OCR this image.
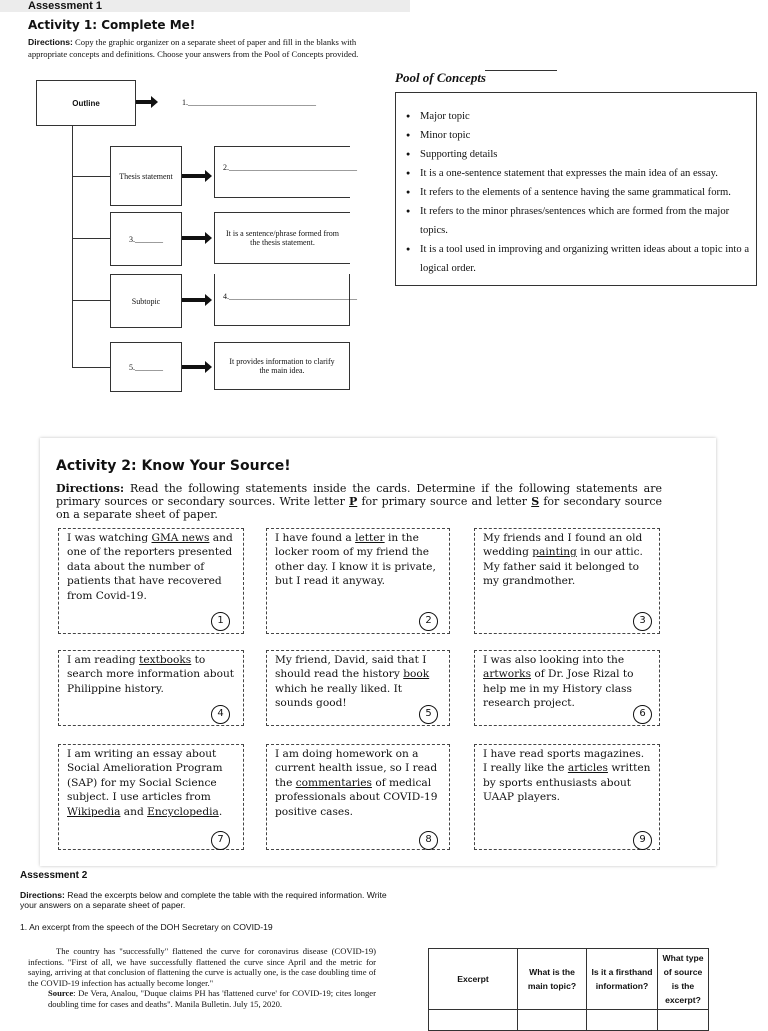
Assessment 1
Activity 1: Complete Me!
Directions: Copy the graphic organizer on a separate sheet of paper and fill in the blanks with appropriate concepts and definitions. Choose your answers from the Pool of Concepts provided.
Outline	1.________________________________
Thesis statement
2.________________________________
3._______
It is a sentence/phrase formed from the thesis statement.
Subtopic	4.________________________________
5._______
It provides information to clarify the main idea.
Pool of Concepts
● Major topic
● Minor topic
● Supporting details
● It is a one-sentence statement that expresses the main idea of an essay.
● It refers to the elements of a sentence having the same grammatical form.
● It refers to the minor phrases/sentences which are formed from the major topics.
● It is a tool used in improving and organizing written ideas about a topic into a logical order.
Activity 2: Know Your Source!
Directions: Read the following statements inside the cards. Determine if the following statements are primary sources or secondary sources. Write letter P for primary source and letter S for secondary source on a separate sheet of paper.
I was watching GMA news and one of the reporters presented data about the number of patients that have recovered from Covid-19.
1
I have found a letter in the locker room of my friend the other day. I know it is private, but I read it anyway.
2
My friends and I found an old wedding painting in our attic. My father said it belonged to my grandmother.
3
I am reading textbooks to search more information about Philippine history.
4
My friend, David, said that I should read the history book which he really liked. It sounds good!
5
I was also looking into the artworks of Dr. Jose Rizal to help me in my History class research project.
6
I am writing an essay about Social Amelioration Program (SAP) for my Social Science subject. I use articles from Wikipedia and Encyclopedia.
7
I am doing homework on a current health issue, so I read the commentaries of medical professionals about COVID-19 positive cases.
8
I have read sports magazines. I really like the articles written by sports enthusiasts about UAAP players.
9
Assessment 2
Directions: Read the excerpts below and complete the table with the required information. Write your answers on a separate sheet of paper.
1. An excerpt from the speech of the DOH Secretary on COVID-19
The country has "successfully" flattened the curve for coronavirus disease (COVID-19) infections. "First of all, we have successfully flattened the curve since April and the metric for saying, arriving at that conclusion of flattening the curve is actually one, is the case doubling time of the COVID-19 infection has actually become longer."
Source: De Vera, Analou, "Duque claims PH has 'flattened curve' for COVID-19; cites longer doubling time for cases and deaths". Manila Bulletin. July 15, 2020.
Excerpt	What is the main topic?	Is it a firsthand information?	What type of source is the excerpt?
